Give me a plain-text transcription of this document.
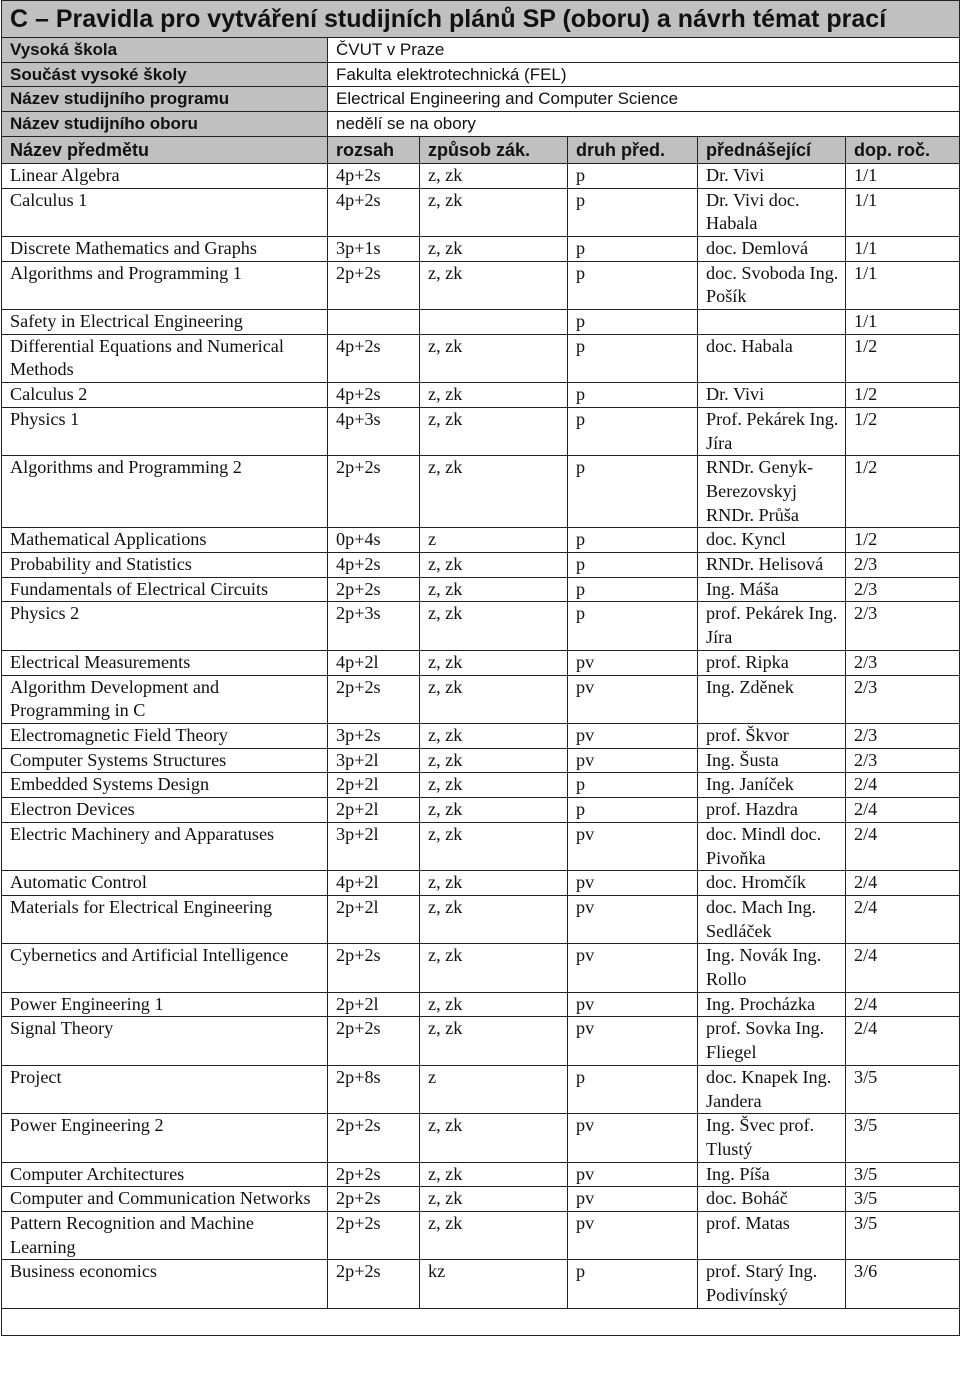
C – Pravidla pro vytváření studijních plánů SP (oboru) a návrh témat prací					
Vysoká škola	ČVUT v Praze				
Součást vysoké školy	Fakulta elektrotechnická (FEL)				
Název studijního programu	Electrical Engineering and Computer Science				
Název studijního oboru	nedělí se na obory				
Název předmětu	rozsah	způsob zák.	druh před.	přednášející	dop. roč.
Linear Algebra	4p+2s	z, zk	p	Dr. Vivi	1/1
Calculus 1	4p+2s	z, zk	p	Dr. Vivi doc. Habala	1/1
Discrete Mathematics and Graphs	3p+1s	z, zk	p	doc. Demlová	1/1
Algorithms and Programming 1	2p+2s	z, zk	p	doc. Svoboda Ing. Pošík	1/1
Safety in Electrical Engineering			p		1/1
Differential Equations and Numerical Methods	4p+2s	z, zk	p	doc. Habala	1/2
Calculus 2	4p+2s	z, zk	p	Dr. Vivi	1/2
Physics 1	4p+3s	z, zk	p	Prof. Pekárek Ing. Jíra	1/2
Algorithms and Programming 2	2p+2s	z, zk	p	RNDr. Genyk-Berezovskyj RNDr. Průša	1/2
Mathematical Applications	0p+4s	z	p	doc. Kyncl	1/2
Probability and Statistics	4p+2s	z, zk	p	RNDr. Helisová	2/3
Fundamentals of Electrical Circuits	2p+2s	z, zk	p	Ing. Máša	2/3
Physics 2	2p+3s	z, zk	p	prof. Pekárek Ing. Jíra	2/3
Electrical Measurements	4p+2l	z, zk	pv	prof. Ripka	2/3
Algorithm Development and Programming in C	2p+2s	z, zk	pv	Ing. Zděnek	2/3
Electromagnetic Field Theory	3p+2s	z, zk	pv	prof. Škvor	2/3
Computer Systems Structures	3p+2l	z, zk	pv	Ing. Šusta	2/3
Embedded Systems Design	2p+2l	z, zk	p	Ing. Janíček	2/4
Electron Devices	2p+2l	z, zk	p	prof. Hazdra	2/4
Electric Machinery and Apparatuses	3p+2l	z, zk	pv	doc. Mindl doc. Pivoňka	2/4
Automatic Control	4p+2l	z, zk	pv	doc. Hromčík	2/4
Materials for Electrical Engineering	2p+2l	z, zk	pv	doc. Mach Ing. Sedláček	2/4
Cybernetics and Artificial Intelligence	2p+2s	z, zk	pv	Ing. Novák Ing. Rollo	2/4
Power Engineering 1	2p+2l	z, zk	pv	Ing. Procházka	2/4
Signal Theory	2p+2s	z, zk	pv	prof. Sovka Ing. Fliegel	2/4
Project	2p+8s	z	p	doc. Knapek Ing. Jandera	3/5
Power Engineering 2	2p+2s	z, zk	pv	Ing. Švec prof. Tlustý	3/5
Computer Architectures	2p+2s	z, zk	pv	Ing. Píša	3/5
Computer and Communication Networks	2p+2s	z, zk	pv	doc. Boháč	3/5
Pattern Recognition and Machine Learning	2p+2s	z, zk	pv	prof. Matas	3/5
Business economics	2p+2s	kz	p	prof. Starý Ing. Podivínský	3/6
